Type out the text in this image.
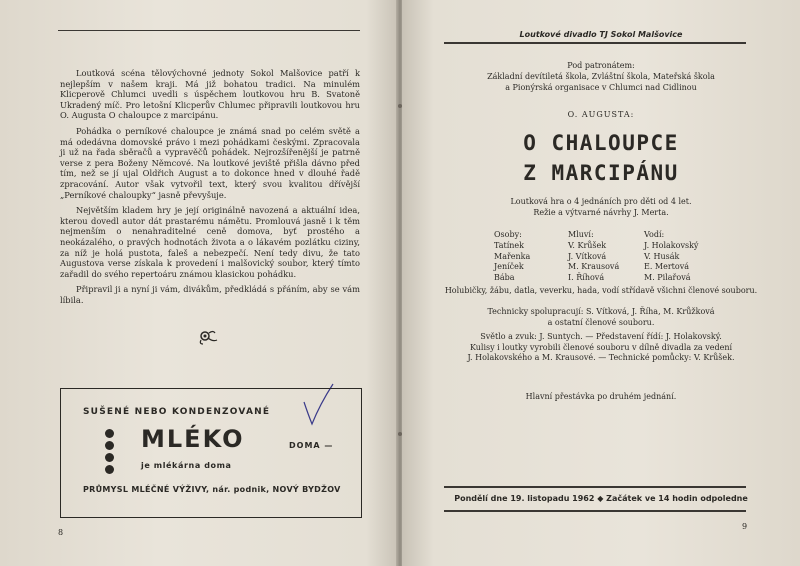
Loutková scéna tělovýchovné jednoty Sokol Malšovice patří k nejlepším v našem kraji. Má již bohatou tradici. Na minulém Klicperově Chlumci uvedli s úspěchem loutkovou hru B. Svatoně Ukradený míč. Pro letošní Klicperův Chlumec připravili loutkovou hru O. Augusta O chaloupce z marcipánu.

Pohádka o perníkové chaloupce je známá snad po celém světě a má odedávna domovské právo i mezi pohádkami českými. Zpracovala ji už na řada sběračů a vypravěčů pohádek. Nejrozšířenější je patrně verse z pera Boženy Němcové. Na loutkové jeviště přišla dávno před tím, než se jí ujal Oldřich August a to dokonce hned v dlouhé řadě zpracování. Autor však vytvořil text, který svou kvalitou dřívější „Perníkové chaloupky“ jasně převyšuje.

Největším kladem hry je její originálně navozená a aktuální idea, kterou dovedl autor dát prastarému námětu. Promlouvá jasně i k těm nejmenším o nenahraditelné ceně domova, byť prostého a neokázalého, o pravých hodnotách života a o lákavém pozlátku ciziny, za níž je holá pustota, faleš a nebezpečí. Není tedy divu, že tato Augustova verse získala k provedení i malšovický soubor, který tímto zařadil do svého repertoáru známou klasickou pohádku.

Připravil ji a nyní ji vám, divákům, předkládá s přáním, aby se vám líbila.

SUŠENÉ NEBO KONDENZOVANÉ
MLÉKO	DOMA —
je mlékárna doma
PRŮMYSL MLÉČNÉ VÝŽIVY, nár. podnik, NOVÝ BYDŽOV
8
Loutkové divadlo TJ Sokol Malšovice
Pod patronátem:
Základní devítiletá škola, Zvláštní škola, Mateřská škola
a Pionýrská organisace v Chlumci nad Cidlinou
O. AUGUSTA:
O CHALOUPCE
Z MARCIPÁNU
Loutková hra o 4 jednáních pro děti od 4 let.
Režie a výtvarné návrhy J. Merta.
Osoby:
Tatínek
Mařenka
Jeníček
Bába
Mluví:
V. Krůšek
J. Vítková
M. Krausová
I. Říhová
Vodí:
J. Holakovský
V. Husák
E. Mertová
M. Pilařová
Holubičky, žábu, datla, veverku, hada, vodí střídavě všichni členové souboru.
Technicky spolupracují: S. Vítková, J. Říha, M. Krůžková
a ostatní členové souboru.
Světlo a zvuk: J. Suntych. — Představení řídí: J. Holakovský.
Kulisy i loutky vyrobili členové souboru v dílně divadla za vedení
J. Holakovského a M. Krausové. — Technické pomůcky: V. Krůšek.
Hlavní přestávka po druhém jednání.
Pondělí dne 19. listopadu 1962 ◆ Začátek ve 14 hodin odpoledne
9
